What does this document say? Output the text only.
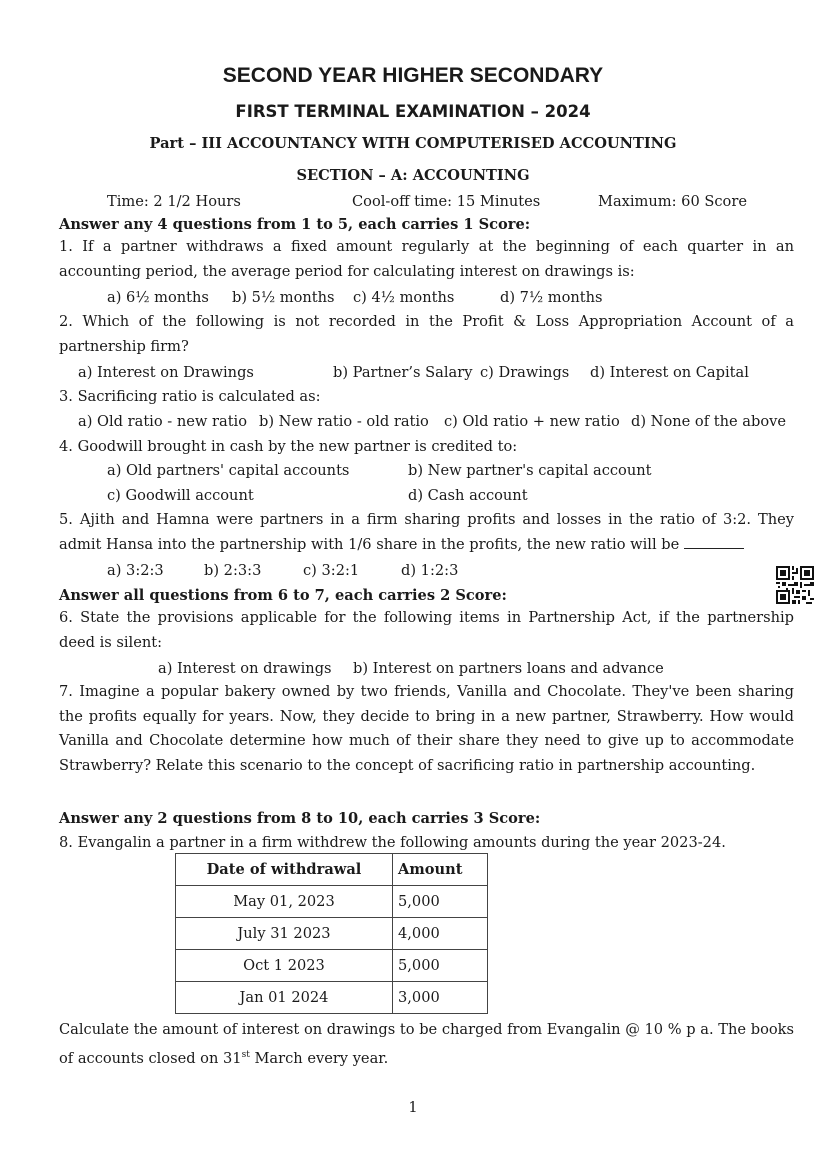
SECOND YEAR HIGHER SECONDARY
FIRST TERMINAL EXAMINATION – 2024
Part – III ACCOUNTANCY WITH COMPUTERISED ACCOUNTING
SECTION – A: ACCOUNTING
Time: 2 1/2 Hours	Cool-off time: 15 Minutes	Maximum: 60 Score
Answer any 4 questions from 1 to 5, each carries 1 Score:
1. If a partner withdraws a fixed amount regularly at the beginning of each quarter in an accounting period, the average period for calculating interest on drawings is:
a) 6½ months b) 5½ months c) 4½ months	d) 7½ months
2. Which of the following is not recorded in the Profit & Loss Appropriation Account of a partnership firm?
a) Interest on Drawings	b) Partner’s Salary c) Drawings d) Interest on Capital
3. Sacrificing ratio is calculated as:
a) Old ratio - new ratio b) New ratio - old ratio c) Old ratio + new ratio d) None of the above
4. Goodwill brought in cash by the new partner is credited to:
a) Old partners' capital accounts	b) New partner's capital account
c) Goodwill account	d) Cash account
5. Ajith and Hamna were partners in a firm sharing profits and losses in the ratio of 3:2. They admit Hansa into the partnership with 1/6 share in the profits, the new ratio will be
a) 3:2:3	b) 2:3:3	c) 3:2:1	d) 1:2:3
Answer all questions from 6 to 7, each carries 2 Score:
6. State the provisions applicable for the following items in Partnership Act, if the partnership deed is silent:
a) Interest on drawings b) Interest on partners loans and advance
7. Imagine a popular bakery owned by two friends, Vanilla and Chocolate. They've been sharing the profits equally for years. Now, they decide to bring in a new partner, Strawberry. How would Vanilla and Chocolate determine how much of their share they need to give up to accommodate Strawberry? Relate this scenario to the concept of sacrificing ratio in partnership accounting.
Answer any 2 questions from 8 to 10, each carries 3 Score:
8. Evangalin a partner in a firm withdrew the following amounts during the year 2023-24.
Date of withdrawal	Amount
May 01, 2023	5,000
July 31 2023	4,000
Oct 1 2023	5,000
Jan 01 2024	3,000
Calculate the amount of interest on drawings to be charged from Evangalin @ 10 % p a. The books of accounts closed on 31st March every year.
1
